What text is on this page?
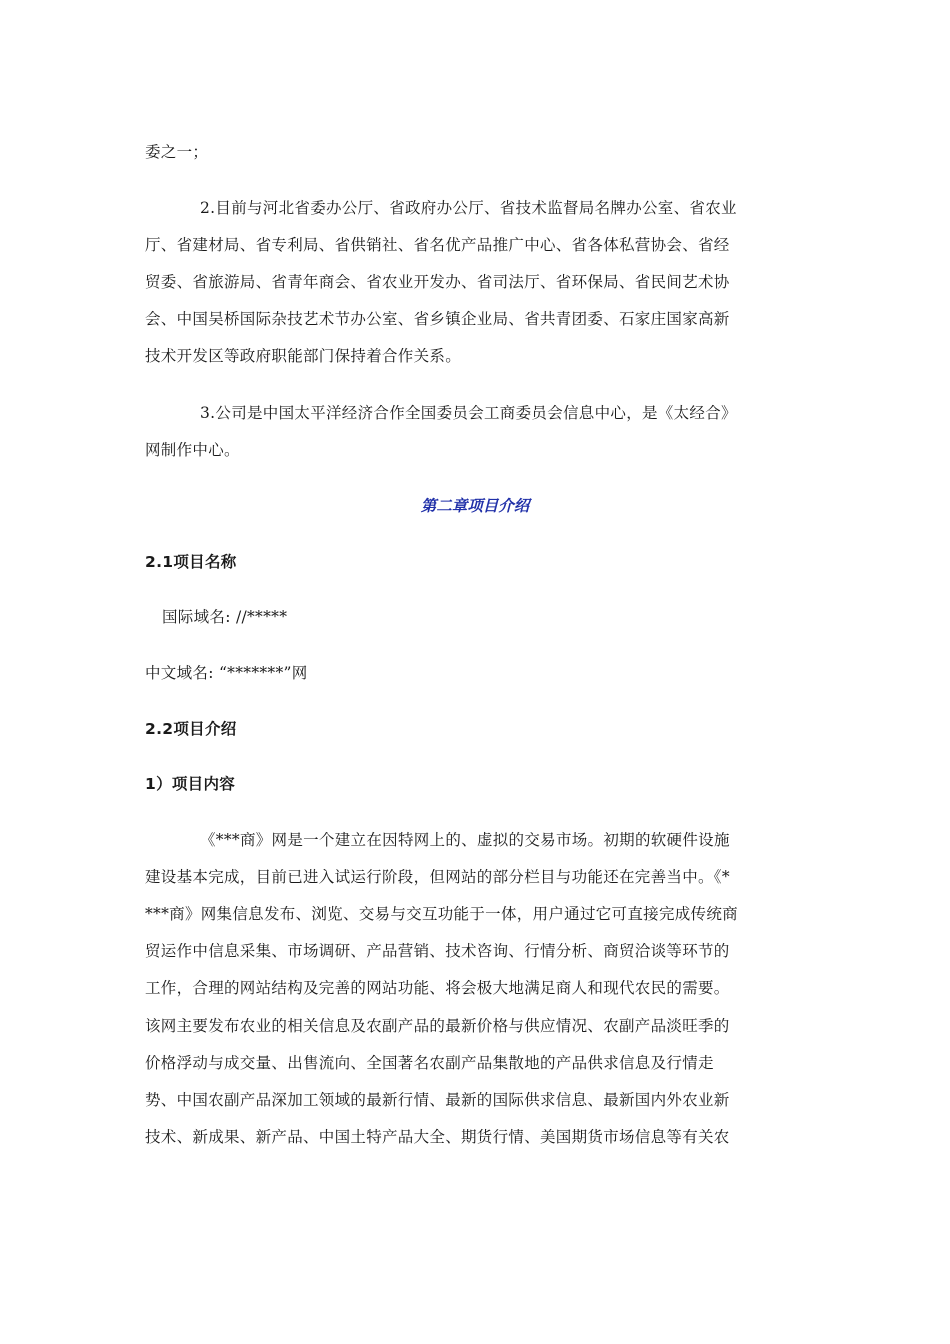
委之一；
2.目前与河北省委办公厅、省政府办公厅、省技术监督局名牌办公室、省农业
厅、省建材局、省专利局、省供销社、省名优产品推广中心、省各体私营协会、省经
贸委、省旅游局、省青年商会、省农业开发办、省司法厅、省环保局、省民间艺术协
会、中国吴桥国际杂技艺术节办公室、省乡镇企业局、省共青团委、石家庄国家高新
技术开发区等政府职能部门保持着合作关系。
3.公司是中国太平洋经济合作全国委员会工商委员会信息中心，是《太经合》
网制作中心。
第二章项目介绍
2.1项目名称
国际域名: //*****
中文域名: “*******”网
2.2项目介绍
1）项目内容
《***商》网是一个建立在因特网上的、虚拟的交易市场。初期的软硬件设施
建设基本完成，目前已进入试运行阶段，但网站的部分栏目与功能还在完善当中。《*
***商》网集信息发布、浏览、交易与交互功能于一体，用户通过它可直接完成传统商
贸运作中信息采集、市场调研、产品营销、技术咨询、行情分析、商贸洽谈等环节的
工作，合理的网站结构及完善的网站功能、将会极大地满足商人和现代农民的需要。
该网主要发布农业的相关信息及农副产品的最新价格与供应情况、农副产品淡旺季的
价格浮动与成交量、出售流向、全国著名农副产品集散地的产品供求信息及行情走
势、中国农副产品深加工领域的最新行情、最新的国际供求信息、最新国内外农业新
技术、新成果、新产品、中国土特产品大全、期货行情、美国期货市场信息等有关农
